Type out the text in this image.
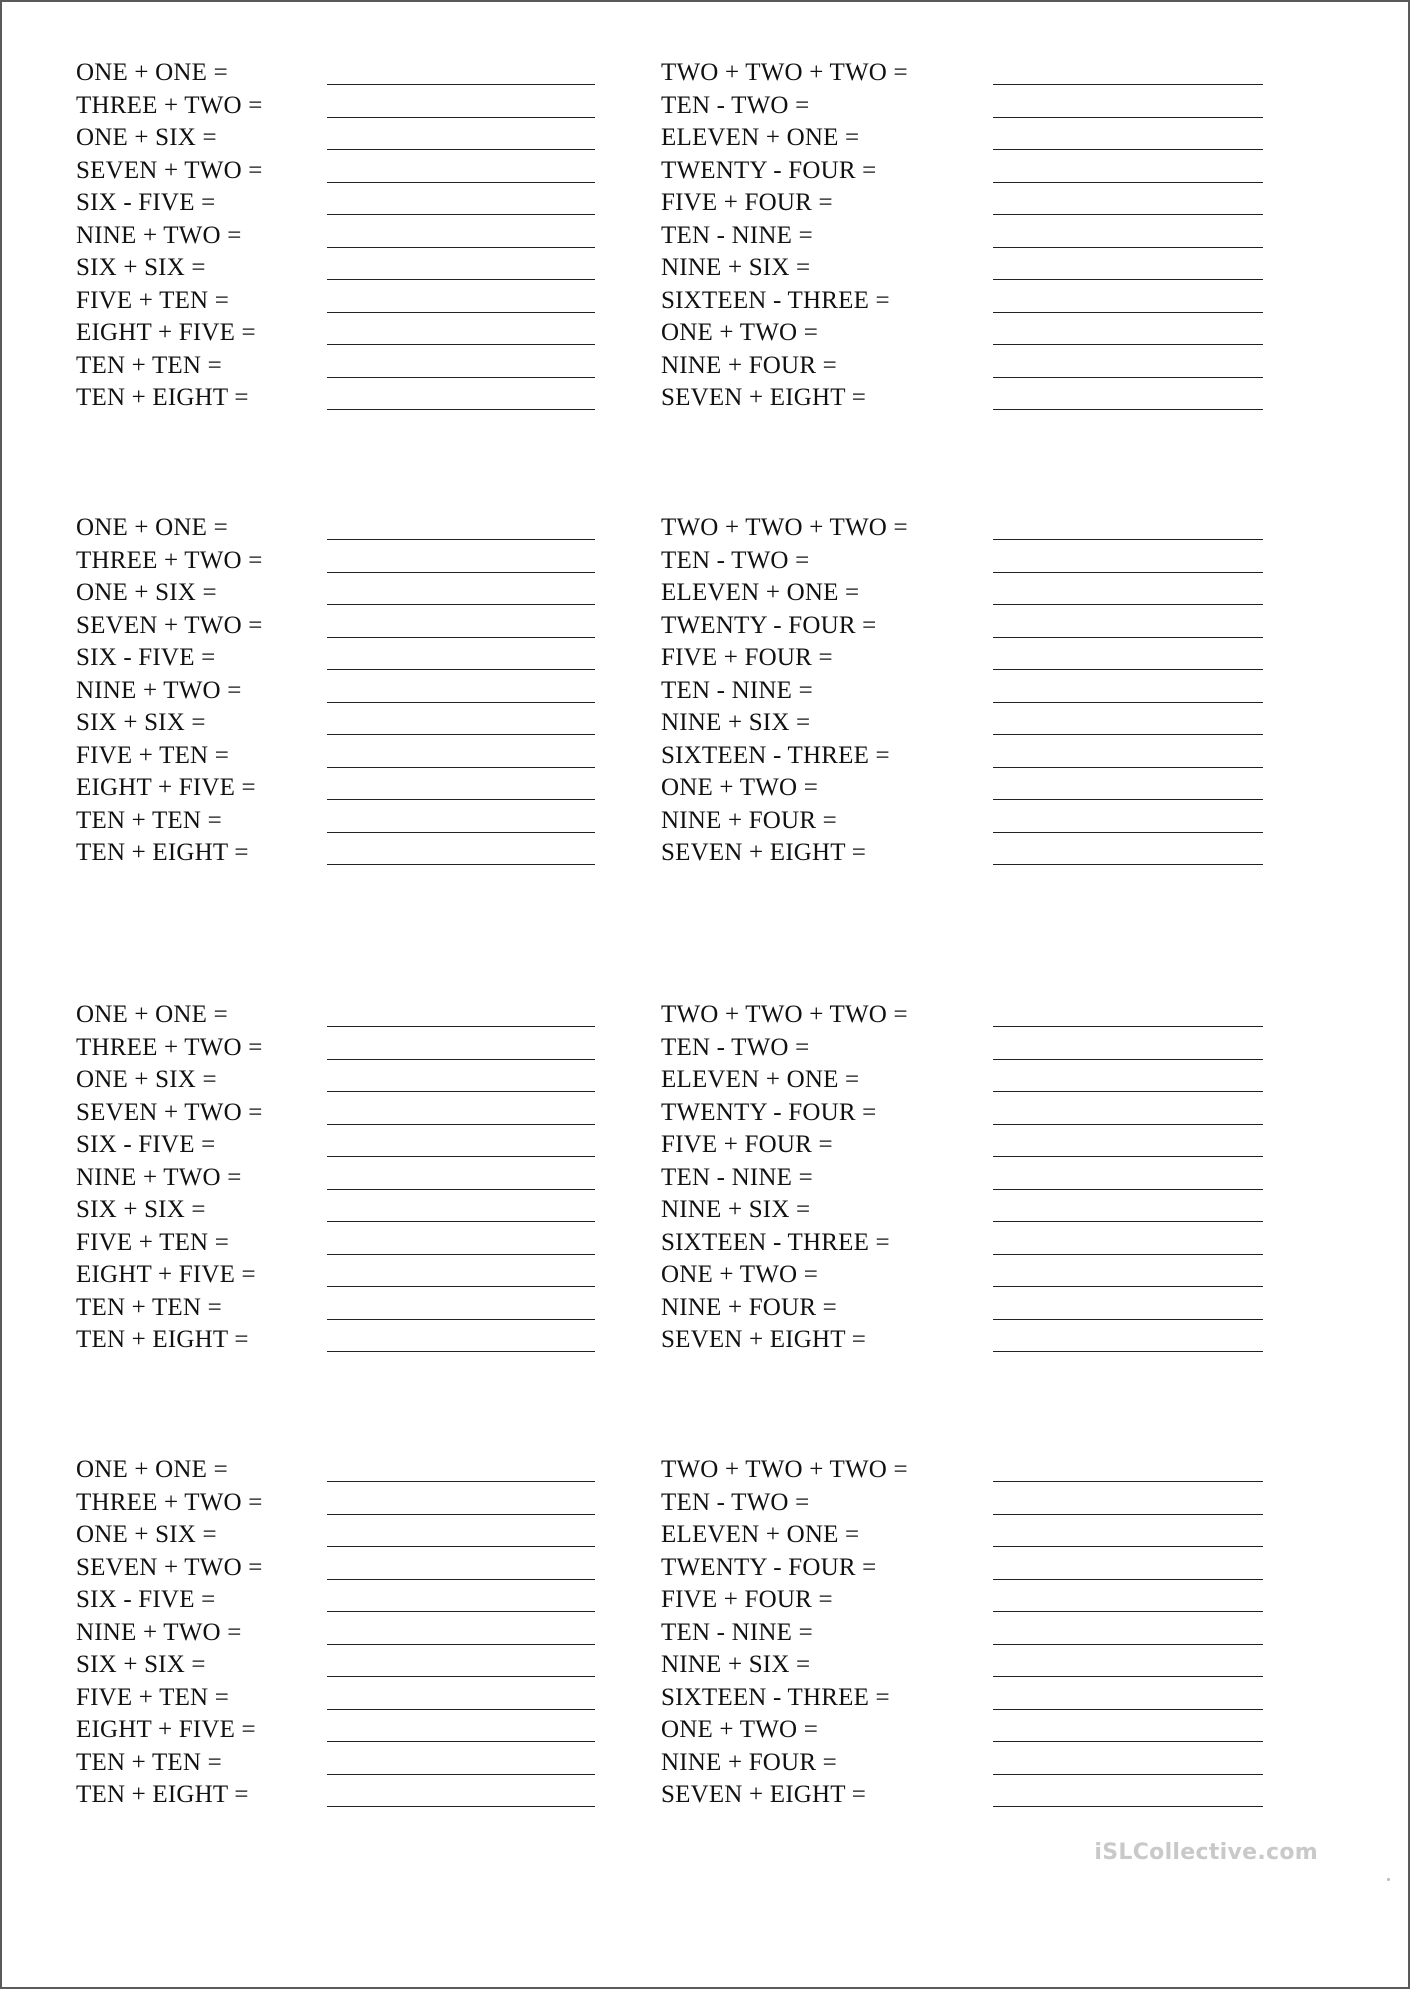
ONE + ONE =
THREE + TWO =
ONE + SIX =
SEVEN + TWO =
SIX - FIVE =
NINE + TWO =
SIX + SIX =
FIVE + TEN =
EIGHT + FIVE =
TEN + TEN =
TEN + EIGHT =
TWO + TWO + TWO =
TEN - TWO =
ELEVEN + ONE =
TWENTY - FOUR =
FIVE + FOUR =
TEN - NINE =
NINE + SIX =
SIXTEEN - THREE =
ONE + TWO =
NINE + FOUR =
SEVEN + EIGHT =
ONE + ONE =
THREE + TWO =
ONE + SIX =
SEVEN + TWO =
SIX - FIVE =
NINE + TWO =
SIX + SIX =
FIVE + TEN =
EIGHT + FIVE =
TEN + TEN =
TEN + EIGHT =
TWO + TWO + TWO =
TEN - TWO =
ELEVEN + ONE =
TWENTY - FOUR =
FIVE + FOUR =
TEN - NINE =
NINE + SIX =
SIXTEEN - THREE =
ONE + TWO =
NINE + FOUR =
SEVEN + EIGHT =
ONE + ONE =
THREE + TWO =
ONE + SIX =
SEVEN + TWO =
SIX - FIVE =
NINE + TWO =
SIX + SIX =
FIVE + TEN =
EIGHT + FIVE =
TEN + TEN =
TEN + EIGHT =
TWO + TWO + TWO =
TEN - TWO =
ELEVEN + ONE =
TWENTY - FOUR =
FIVE + FOUR =
TEN - NINE =
NINE + SIX =
SIXTEEN - THREE =
ONE + TWO =
NINE + FOUR =
SEVEN + EIGHT =
ONE + ONE =
THREE + TWO =
ONE + SIX =
SEVEN + TWO =
SIX - FIVE =
NINE + TWO =
SIX + SIX =
FIVE + TEN =
EIGHT + FIVE =
TEN + TEN =
TEN + EIGHT =
TWO + TWO + TWO =
TEN - TWO =
ELEVEN + ONE =
TWENTY - FOUR =
FIVE + FOUR =
TEN - NINE =
NINE + SIX =
SIXTEEN - THREE =
ONE + TWO =
NINE + FOUR =
SEVEN + EIGHT =
iSLCollective.com
